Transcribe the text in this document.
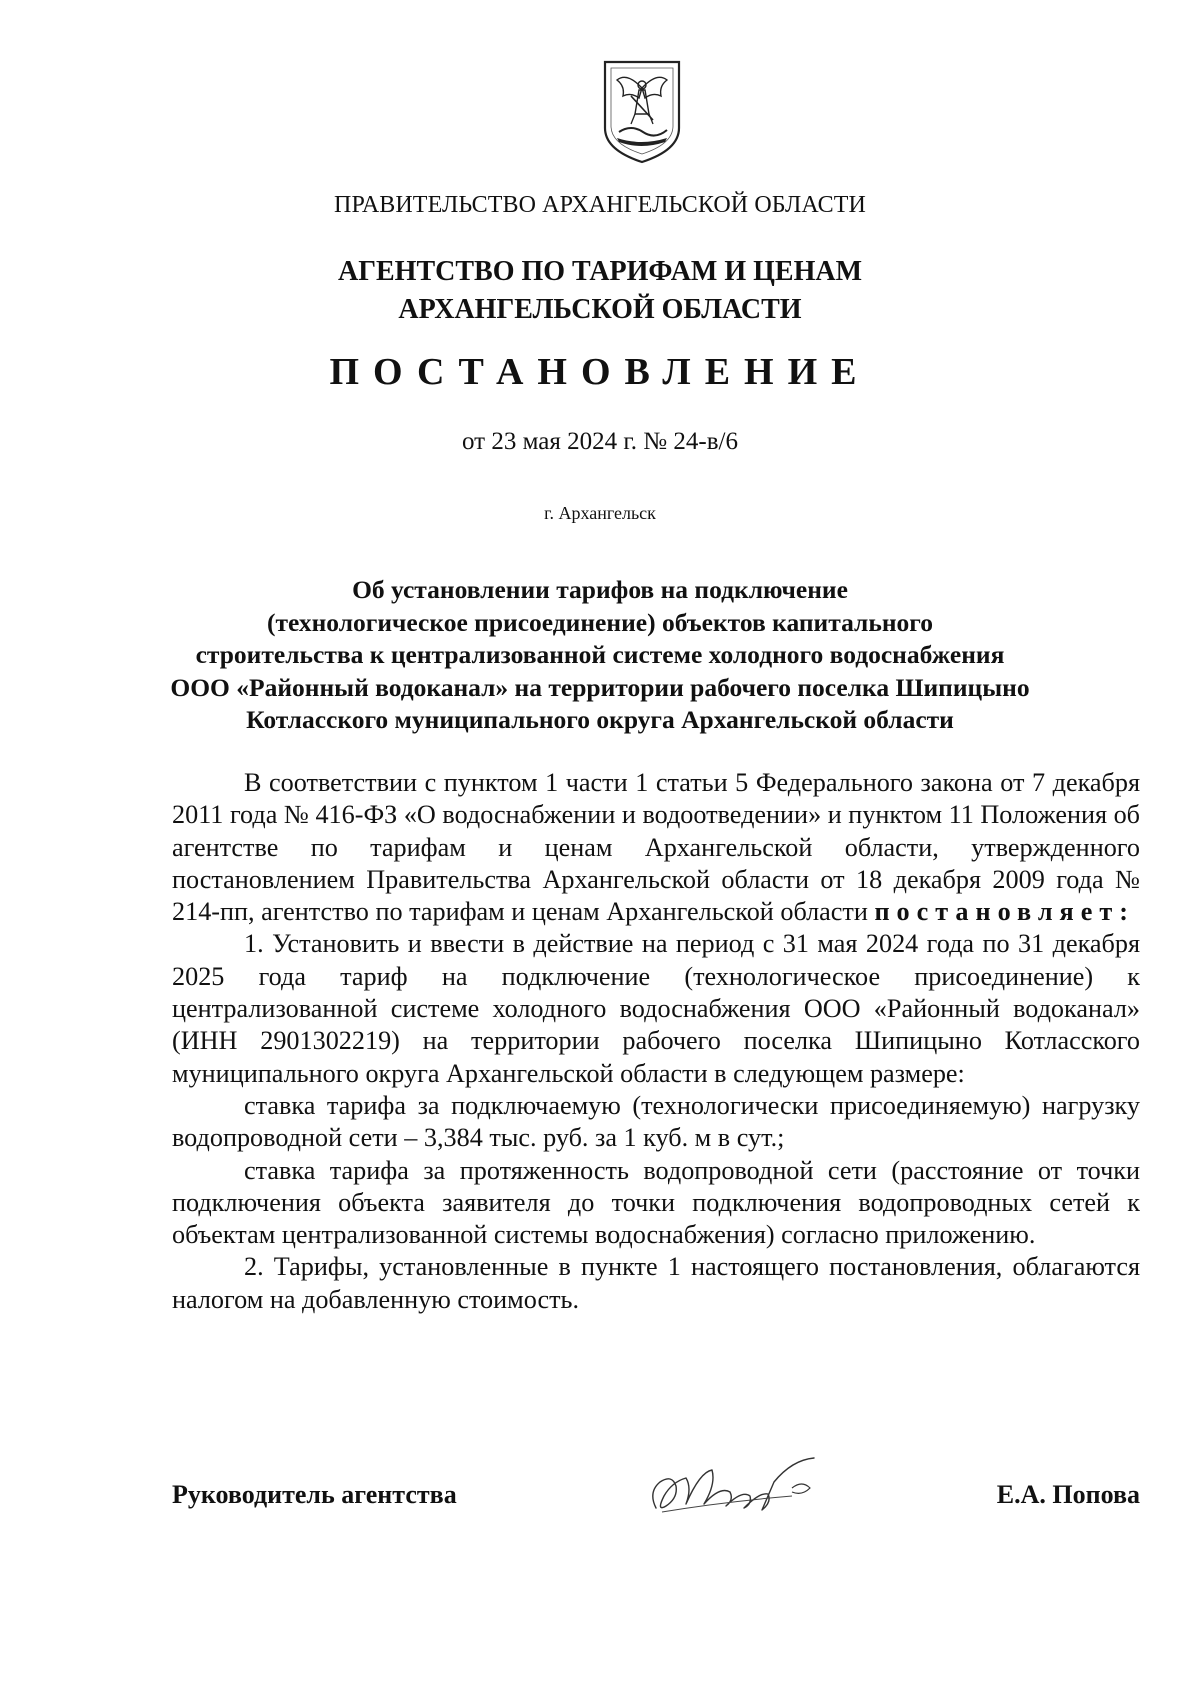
ПРАВИТЕЛЬСТВО АРХАНГЕЛЬСКОЙ ОБЛАСТИ
АГЕНТСТВО ПО ТАРИФАМ И ЦЕНАМ
АРХАНГЕЛЬСКОЙ ОБЛАСТИ
ПОСТАНОВЛЕНИЕ
от 23 мая 2024 г. № 24-в/6
г. Архангельск
Об установлении тарифов на подключение
(технологическое присоединение) объектов капитального
строительства к централизованной системе холодного водоснабжения
ООО «Районный водоканал» на территории рабочего поселка Шипицыно
Котласского муниципального округа Архангельской области

В соответствии с пунктом 1 части 1 статьи 5 Федерального закона от 7 декабря 2011 года № 416-ФЗ «О водоснабжении и водоотведении» и пунктом 11 Положения об агентстве по тарифам и ценам Архангельской области, утвержденного постановлением Правительства Архангельской области от 18 декабря 2009 года № 214-пп, агентство по тарифам и ценам Архангельской области постановляет:

1. Установить и ввести в действие на период с 31 мая 2024 года по 31 декабря 2025 года тариф на подключение (технологическое присоединение) к централизованной системе холодного водоснабжения ООО «Районный водоканал» (ИНН 2901302219) на территории рабочего поселка Шипицыно Котласского муниципального округа Архангельской области в следующем размере:

ставка тарифа за подключаемую (технологически присоединяемую) нагрузку водопроводной сети – 3,384 тыс. руб. за 1 куб. м в сут.;

ставка тарифа за протяженность водопроводной сети (расстояние от точки подключения объекта заявителя до точки подключения водопроводных сетей к объектам централизованной системы водоснабжения) согласно приложению.

2. Тарифы, установленные в пункте 1 настоящего постановления, облагаются налогом на добавленную стоимость.

Руководитель агентства	Е.А. Попова
